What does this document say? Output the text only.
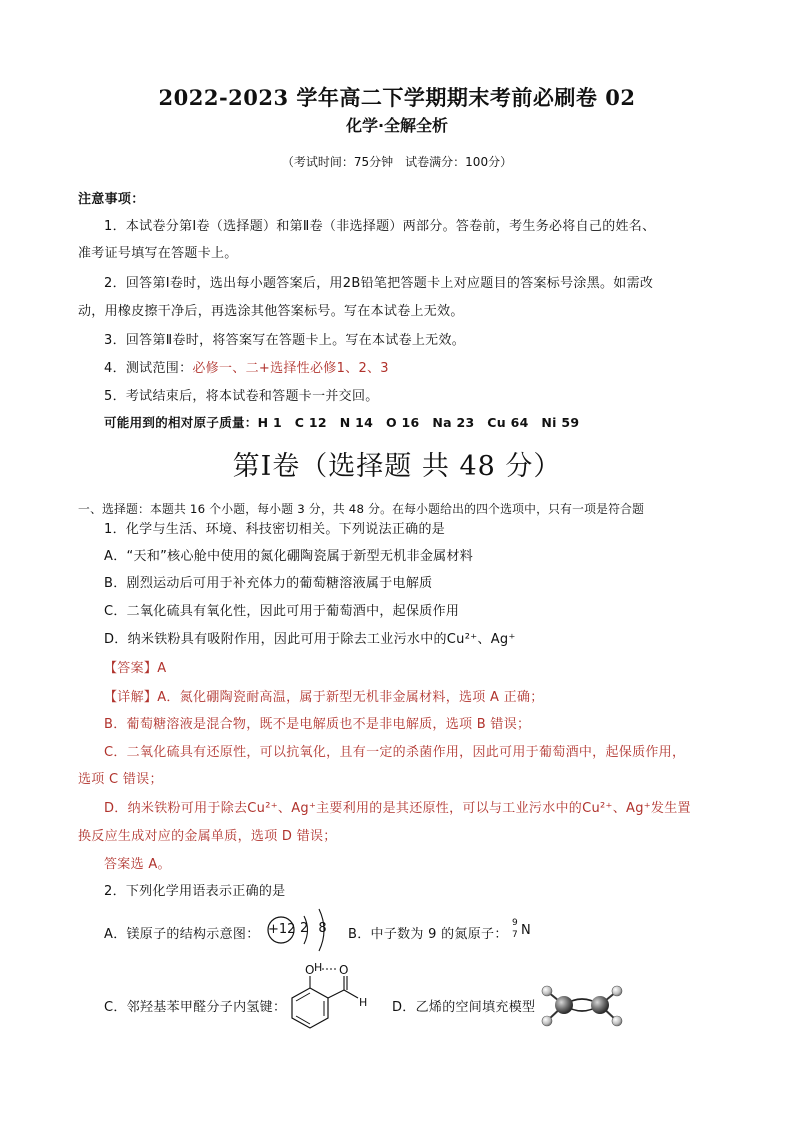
2022-2023 学年高二下学期期末考前必刷卷 02
化学·全解全析
（考试时间：75分钟　试卷满分：100分）
注意事项：
1．本试卷分第Ⅰ卷（选择题）和第Ⅱ卷（非选择题）两部分。答卷前，考生务必将自己的姓名、
准考证号填写在答题卡上。
2．回答第Ⅰ卷时，选出每小题答案后，用2B铅笔把答题卡上对应题目的答案标号涂黑。如需改
动，用橡皮擦干净后，再选涂其他答案标号。写在本试卷上无效。
3．回答第Ⅱ卷时，将答案写在答题卡上。写在本试卷上无效。
4．测试范围：必修一、二+选择性必修1、2、3
5．考试结束后，将本试卷和答题卡一并交回。
可能用到的相对原子质量：H 1　C 12　N 14　O 16　Na 23　Cu 64　Ni 59
第Ⅰ卷（选择题 共 48 分）
一、选择题：本题共 16 个小题，每小题 3 分，共 48 分。在每小题给出的四个选项中，只有一项是符合题
1．化学与生活、环境、科技密切相关。下列说法正确的是
A．“天和”核心舱中使用的氮化硼陶瓷属于新型无机非金属材料
B．剧烈运动后可用于补充体力的葡萄糖溶液属于电解质
C．二氧化硫具有氧化性，因此可用于葡萄酒中，起保质作用
D．纳米铁粉具有吸附作用，因此可用于除去工业污水中的Cu²⁺、Ag⁺
【答案】A
【详解】A．氮化硼陶瓷耐高温，属于新型无机非金属材料，选项 A 正确；
B．葡萄糖溶液是混合物，既不是电解质也不是非电解质，选项 B 错误；
C．二氧化硫具有还原性，可以抗氧化，且有一定的杀菌作用，因此可用于葡萄酒中，起保质作用，
选项 C 错误；
D．纳米铁粉可用于除去Cu²⁺、Ag⁺主要利用的是其还原性，可以与工业污水中的Cu²⁺、Ag⁺发生置
换反应生成对应的金属单质，选项 D 错误；
答案选 A。
2．下列化学用语表示正确的是
A．镁原子的结构示意图： +12 2 8 B．中子数为 9 的氮原子：
9
7 N
C．邻羟基苯甲醛分子内氢键：
O H O
H D．乙烯的空间填充模型
